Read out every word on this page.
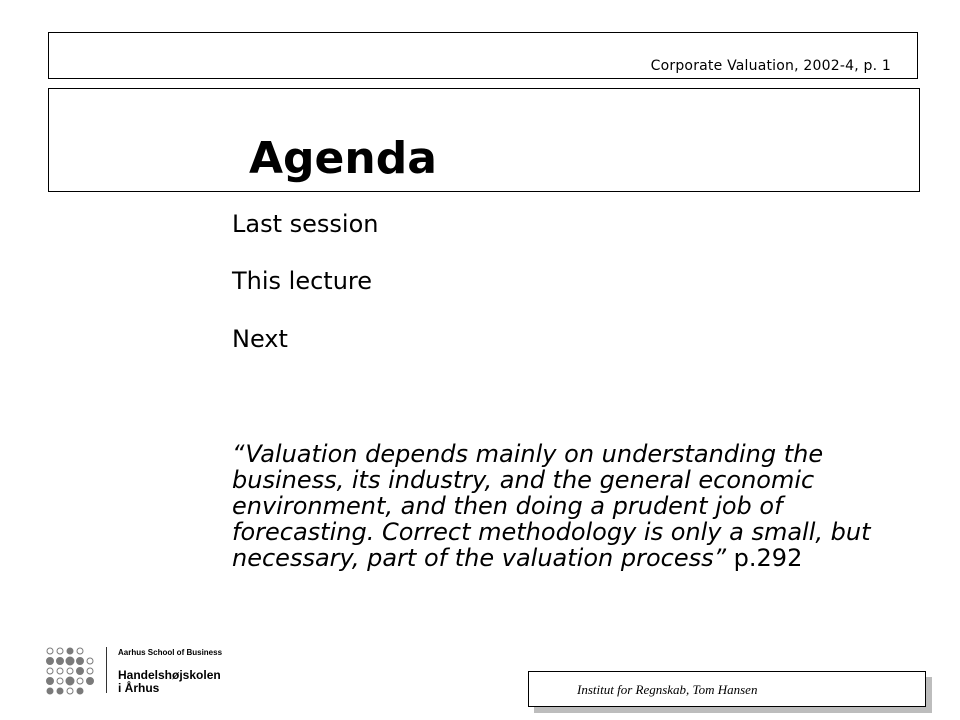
Corporate Valuation, 2002-4, p. 1
Agenda
Last session
This lecture
Next
“Valuation depends mainly on understanding the business, its industry, and the general economic environment, and then doing a prudent job of forecasting. Correct methodology is only a small, but necessary, part of the valuation process” p.292
Aarhus School of Business
Handelshøjskolen
i Århus	Institut for Regnskab, Tom Hansen
